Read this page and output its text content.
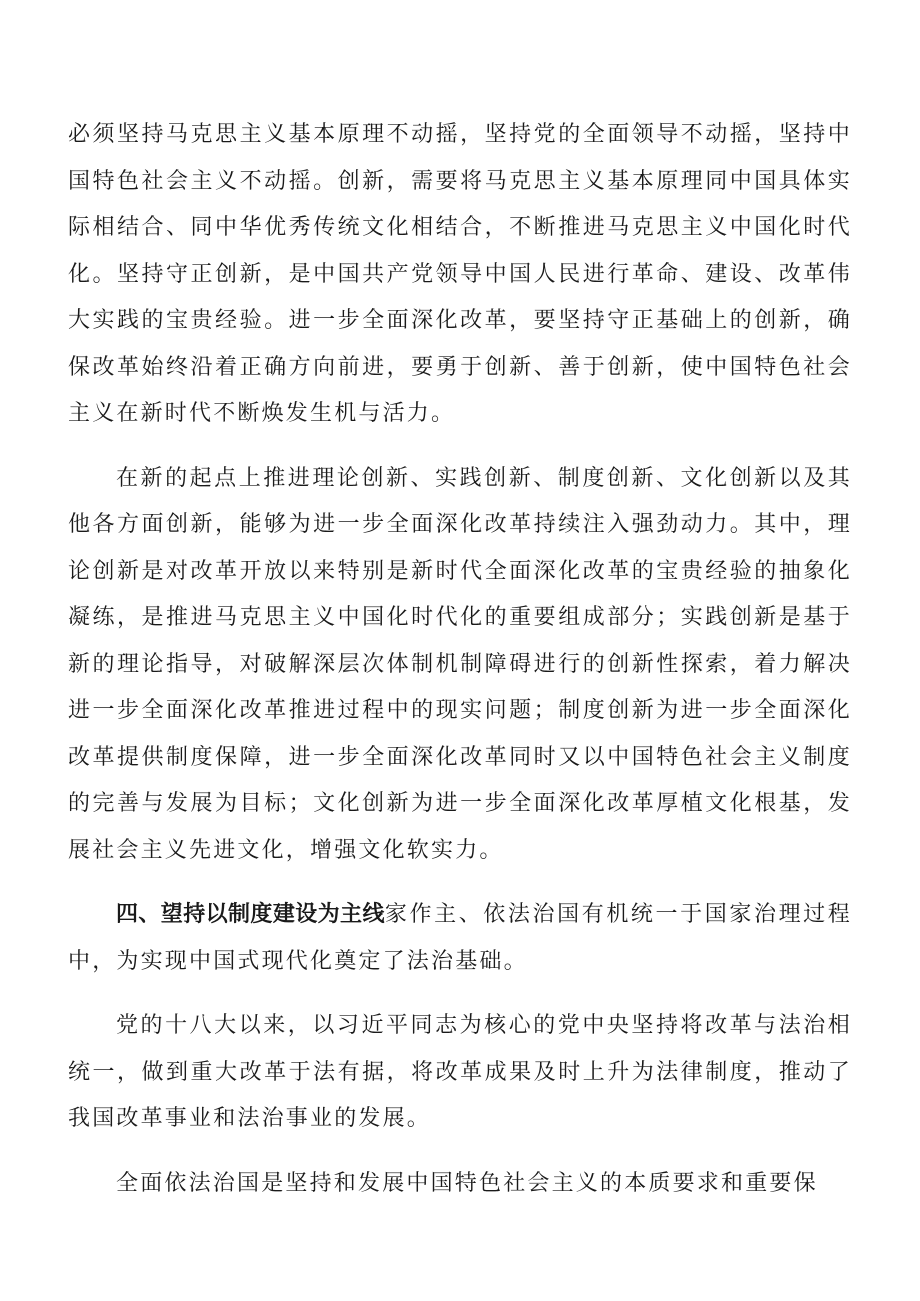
必须坚持马克思主义基本原理不动摇，坚持党的全面领导不动摇，坚持中国特色社会主义不动摇。创新，需要将马克思主义基本原理同中国具体实际相结合、同中华优秀传统文化相结合，不断推进马克思主义中国化时代化。坚持守正创新，是中国共产党领导中国人民进行革命、建设、改革伟大实践的宝贵经验。进一步全面深化改革，要坚持守正基础上的创新，确保改革始终沿着正确方向前进，要勇于创新、善于创新，使中国特色社会主义在新时代不断焕发生机与活力。

在新的起点上推进理论创新、实践创新、制度创新、文化创新以及其他各方面创新，能够为进一步全面深化改革持续注入强劲动力。其中，理论创新是对改革开放以来特别是新时代全面深化改革的宝贵经验的抽象化凝练，是推进马克思主义中国化时代化的重要组成部分；实践创新是基于新的理论指导，对破解深层次体制机制障碍进行的创新性探索，着力解决进一步全面深化改革推进过程中的现实问题；制度创新为进一步全面深化改革提供制度保障，进一步全面深化改革同时又以中国特色社会主义制度的完善与发展为目标；文化创新为进一步全面深化改革厚植文化根基，发展社会主义先进文化，增强文化软实力。

四、望持以制度建设为主线家作主、依法治国有机统一于国家治理过程中，为实现中国式现代化奠定了法治基础。

党的十八大以来，以习近平同志为核心的党中央坚持将改革与法治相统一，做到重大改革于法有据，将改革成果及时上升为法律制度，推动了我国改革事业和法治事业的发展。

全面依法治国是坚持和发展中国特色社会主义的本质要求和重要保
